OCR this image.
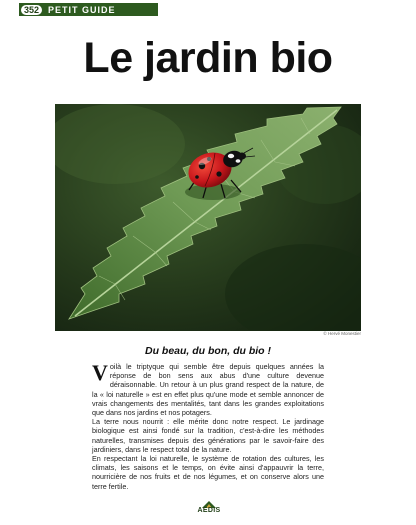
352	PETIT GUIDE
Le jardin bio
© Hervé Monestier
Du beau, du bon, du bio !

Voilà le triptyque qui semble être depuis quelques années la réponse de bon sens aux abus d'une culture devenue déraisonnable. Un retour à un plus grand respect de la nature, de la « loi naturelle » est en effet plus qu'une mode et semble annoncer de vrais changements des mentalités, tant dans les grandes exploitations que dans nos jardins et nos potagers.

La terre nous nourrit : elle mérite donc notre respect. Le jardinage biologique est ainsi fondé sur la tradition, c'est-à-dire les méthodes naturelles, transmises depuis des générations par le savoir-faire des jardiniers, dans le respect total de la nature.

En respectant la loi naturelle, le système de rotation des cultures, les climats, les saisons et le temps, on évite ainsi d'appauvrir la terre, nourricière de nos fruits et de nos légumes, et on conserve alors une terre fertile.

AEDIS
